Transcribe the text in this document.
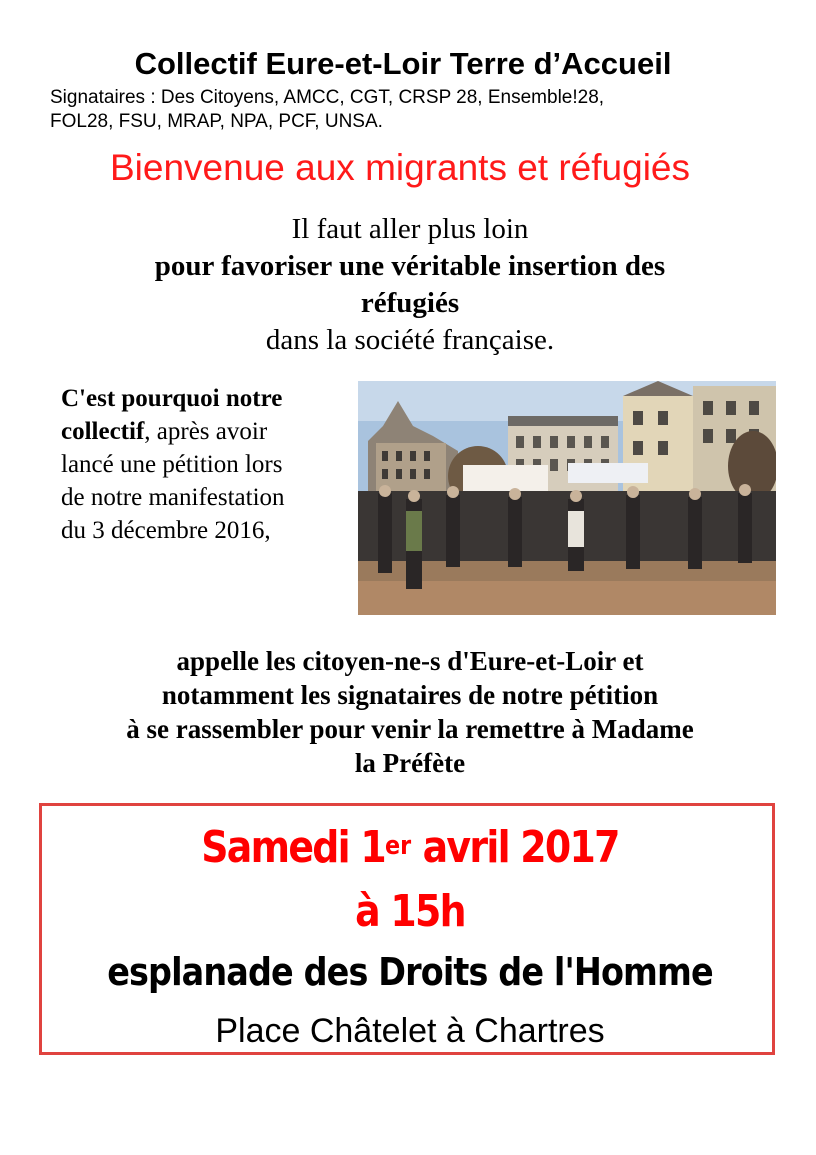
Collectif Eure-et-Loir Terre d’Accueil
Signataires : Des Citoyens, AMCC, CGT, CRSP 28, Ensemble!28,
FOL28, FSU, MRAP, NPA, PCF, UNSA.
Bienvenue aux migrants et réfugiés
Il faut aller plus loin
pour favoriser une véritable insertion des
réfugiés
dans la société française.
C'est pourquoi notre
collectif, après avoir
lancé une pétition lors
de notre manifestation
du 3 décembre 2016,
appelle les citoyen-ne-s d'Eure-et-Loir et
notamment les signataires de notre pétition
à se rassembler pour venir la remettre à Madame
la Préfète
Samedi 1er avril 2017
à 15h
esplanade des Droits de l'Homme
Place Châtelet à Chartres
